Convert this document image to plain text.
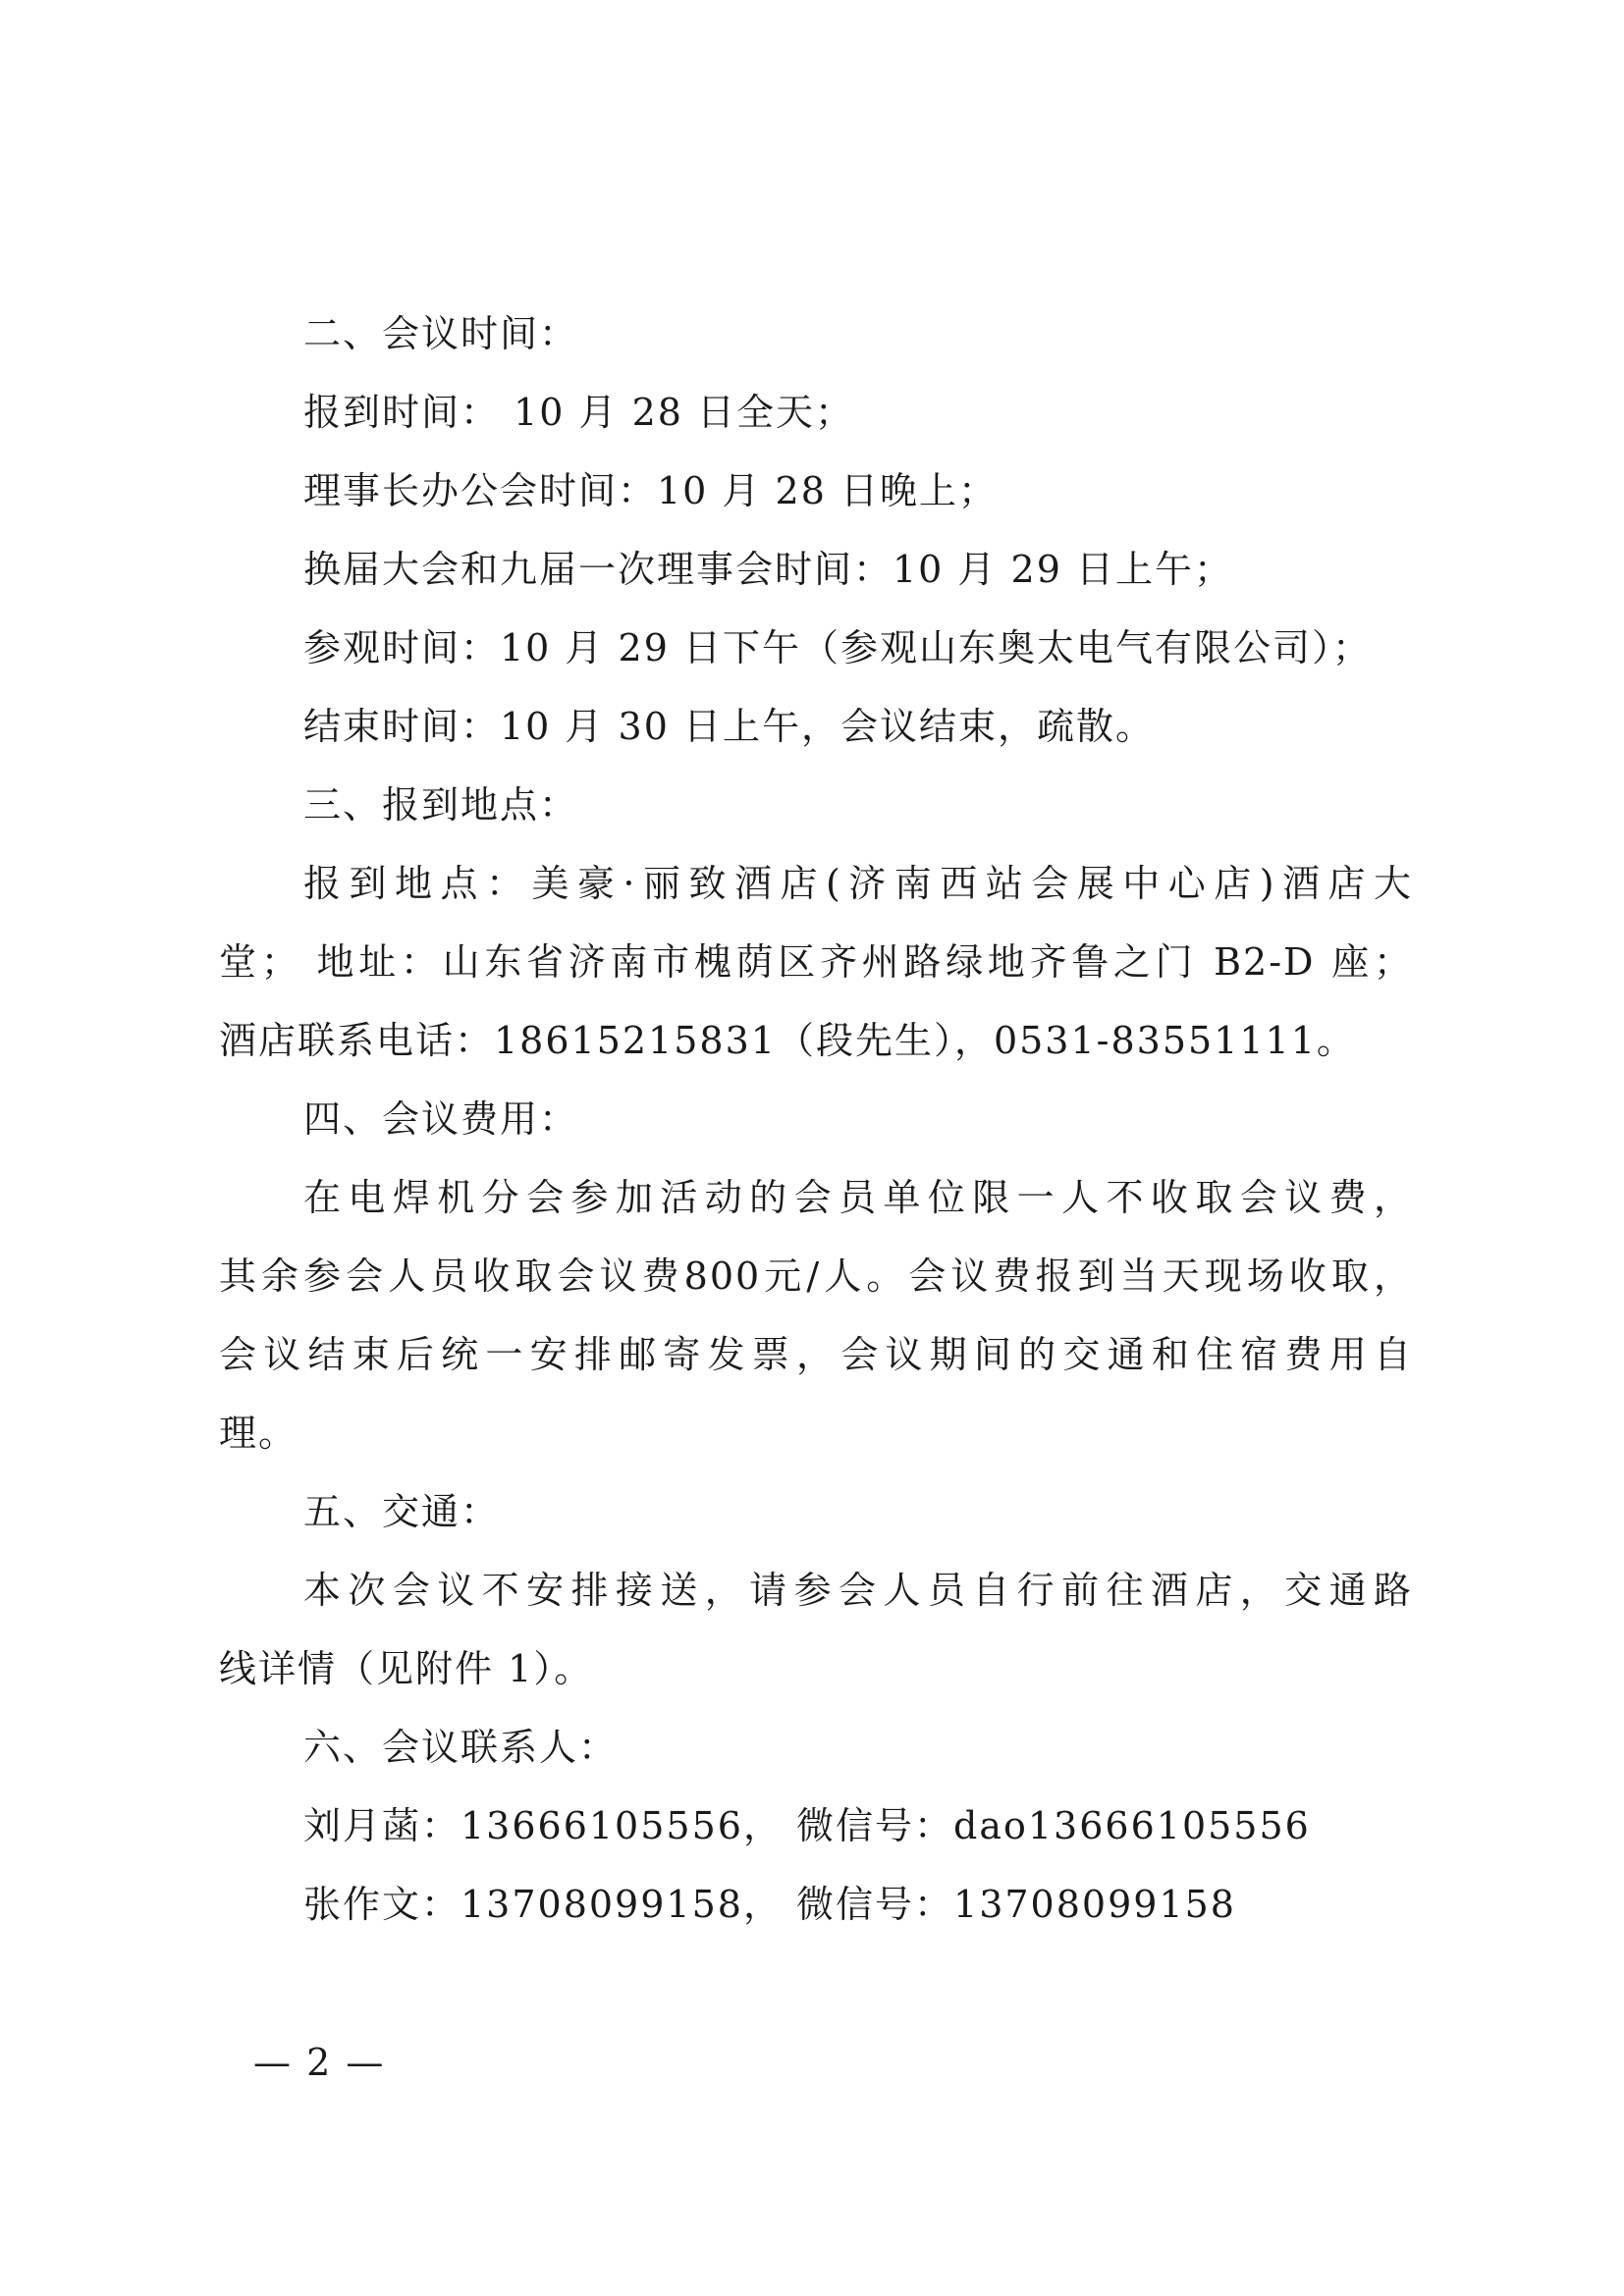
二、会议时间：
报到时间： 10 月 28 日全天；
理事长办公会时间：10 月 28 日晚上；
换届大会和九届一次理事会时间：10 月 29 日上午；
参观时间：10 月 29 日下午（参观山东奥太电气有限公司）；
结束时间：10 月 30 日上午，会议结束，疏散。
三、报到地点：
报到地点：美豪·丽致酒店(济南西站会展中心店)酒店大
堂； 地址：山东省济南市槐荫区齐州路绿地齐鲁之门 B2-D 座；
酒店联系电话：18615215831（段先生），0531-83551111。
四、会议费用：
在电焊机分会参加活动的会员单位限一人不收取会议费，
其余参会人员收取会议费800元/人。会议费报到当天现场收取，
会议结束后统一安排邮寄发票，会议期间的交通和住宿费用自
理。
五、交通：
本次会议不安排接送，请参会人员自行前往酒店，交通路
线详情（见附件 1）。
六、会议联系人：
刘月菡：13666105556， 微信号：dao13666105556
张作文：13708099158， 微信号：13708099158
— 2 —
